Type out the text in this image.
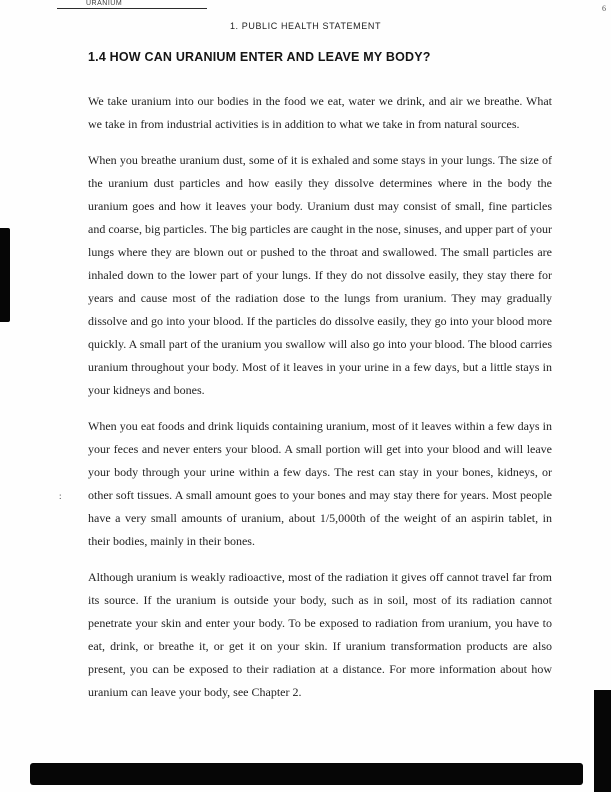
URANIUM
6
1. PUBLIC HEALTH STATEMENT
1.4 HOW CAN URANIUM ENTER AND LEAVE MY BODY?

We take uranium into our bodies in the food we eat, water we drink, and air we breathe. What we take in from industrial activities is in addition to what we take in from natural sources.

When you breathe uranium dust, some of it is exhaled and some stays in your lungs. The size of the uranium dust particles and how easily they dissolve determines where in the body the uranium goes and how it leaves your body. Uranium dust may consist of small, fine particles and coarse, big particles. The big particles are caught in the nose, sinuses, and upper part of your lungs where they are blown out or pushed to the throat and swallowed. The small particles are inhaled down to the lower part of your lungs. If they do not dissolve easily, they stay there for years and cause most of the radiation dose to the lungs from uranium. They may gradually dissolve and go into your blood. If the particles do dissolve easily, they go into your blood more quickly. A small part of the uranium you swallow will also go into your blood. The blood carries uranium throughout your body. Most of it leaves in your urine in a few days, but a little stays in your kidneys and bones.

When you eat foods and drink liquids containing uranium, most of it leaves within a few days in your feces and never enters your blood. A small portion will get into your blood and will leave your body through your urine within a few days. The rest can stay in your bones, kidneys, or other soft tissues. A small amount goes to your bones and may stay there for years. Most people have a very small amounts of uranium, about 1/5,000th of the weight of an aspirin tablet, in their bodies, mainly in their bones.

Although uranium is weakly radioactive, most of the radiation it gives off cannot travel far from its source. If the uranium is outside your body, such as in soil, most of its radiation cannot penetrate your skin and enter your body. To be exposed to radiation from uranium, you have to eat, drink, or breathe it, or get it on your skin. If uranium transformation products are also present, you can be exposed to their radiation at a distance. For more information about how uranium can leave your body, see Chapter 2.

:
